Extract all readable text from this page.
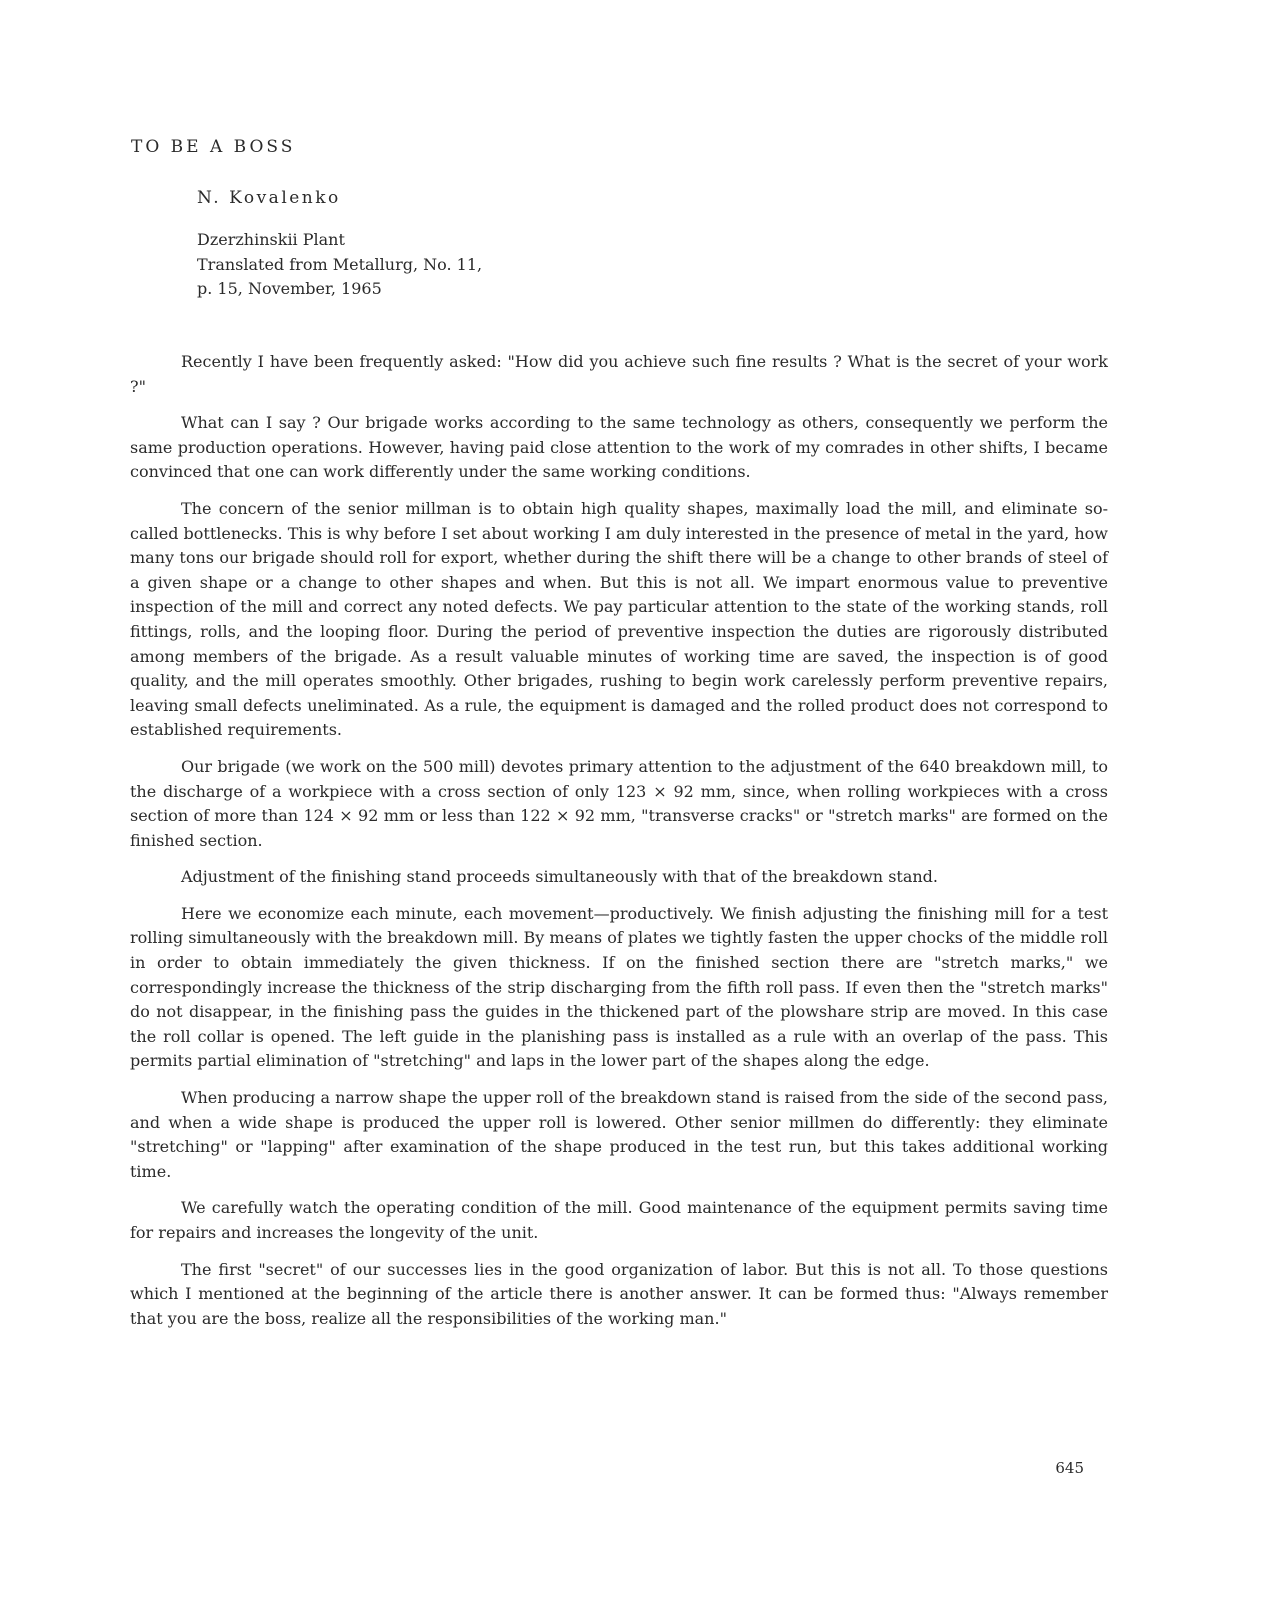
TO BE A BOSS
N. Kovalenko
Dzerzhinskii Plant
Translated from Metallurg, No. 11,
p. 15, November, 1965

Recently I have been frequently asked: "How did you achieve such fine results ? What is the secret of your work ?"

What can I say ? Our brigade works according to the same technology as others, consequently we perform the same production operations. However, having paid close attention to the work of my comrades in other shifts, I became convinced that one can work differently under the same working conditions.

The concern of the senior millman is to obtain high quality shapes, maximally load the mill, and eliminate so-called bottlenecks. This is why before I set about working I am duly interested in the presence of metal in the yard, how many tons our brigade should roll for export, whether during the shift there will be a change to other brands of steel of a given shape or a change to other shapes and when. But this is not all. We impart enormous value to preventive inspection of the mill and correct any noted defects. We pay particular attention to the state of the working stands, roll fittings, rolls, and the looping floor. During the period of preventive inspection the duties are rigorously distributed among members of the brigade. As a result valuable minutes of working time are saved, the inspection is of good quality, and the mill operates smoothly. Other brigades, rushing to begin work carelessly perform preventive repairs, leaving small defects uneliminated. As a rule, the equipment is damaged and the rolled product does not correspond to established requirements.

Our brigade (we work on the 500 mill) devotes primary attention to the adjustment of the 640 breakdown mill, to the discharge of a workpiece with a cross section of only 123 × 92 mm, since, when rolling workpieces with a cross section of more than 124 × 92 mm or less than 122 × 92 mm, "transverse cracks" or "stretch marks" are formed on the finished section.

Adjustment of the finishing stand proceeds simultaneously with that of the breakdown stand.

Here we economize each minute, each movement—productively. We finish adjusting the finishing mill for a test rolling simultaneously with the breakdown mill. By means of plates we tightly fasten the upper chocks of the middle roll in order to obtain immediately the given thickness. If on the finished section there are "stretch marks," we correspondingly increase the thickness of the strip discharging from the fifth roll pass. If even then the "stretch marks" do not disappear, in the finishing pass the guides in the thickened part of the plowshare strip are moved. In this case the roll collar is opened. The left guide in the planishing pass is installed as a rule with an overlap of the pass. This permits partial elimination of "stretching" and laps in the lower part of the shapes along the edge.

When producing a narrow shape the upper roll of the breakdown stand is raised from the side of the second pass, and when a wide shape is produced the upper roll is lowered. Other senior millmen do differently: they eliminate "stretching" or "lapping" after examination of the shape produced in the test run, but this takes additional working time.

We carefully watch the operating condition of the mill. Good maintenance of the equipment permits saving time for repairs and increases the longevity of the unit.

The first "secret" of our successes lies in the good organization of labor. But this is not all. To those questions which I mentioned at the beginning of the article there is another answer. It can be formed thus: "Always remember that you are the boss, realize all the responsibilities of the working man."

645
